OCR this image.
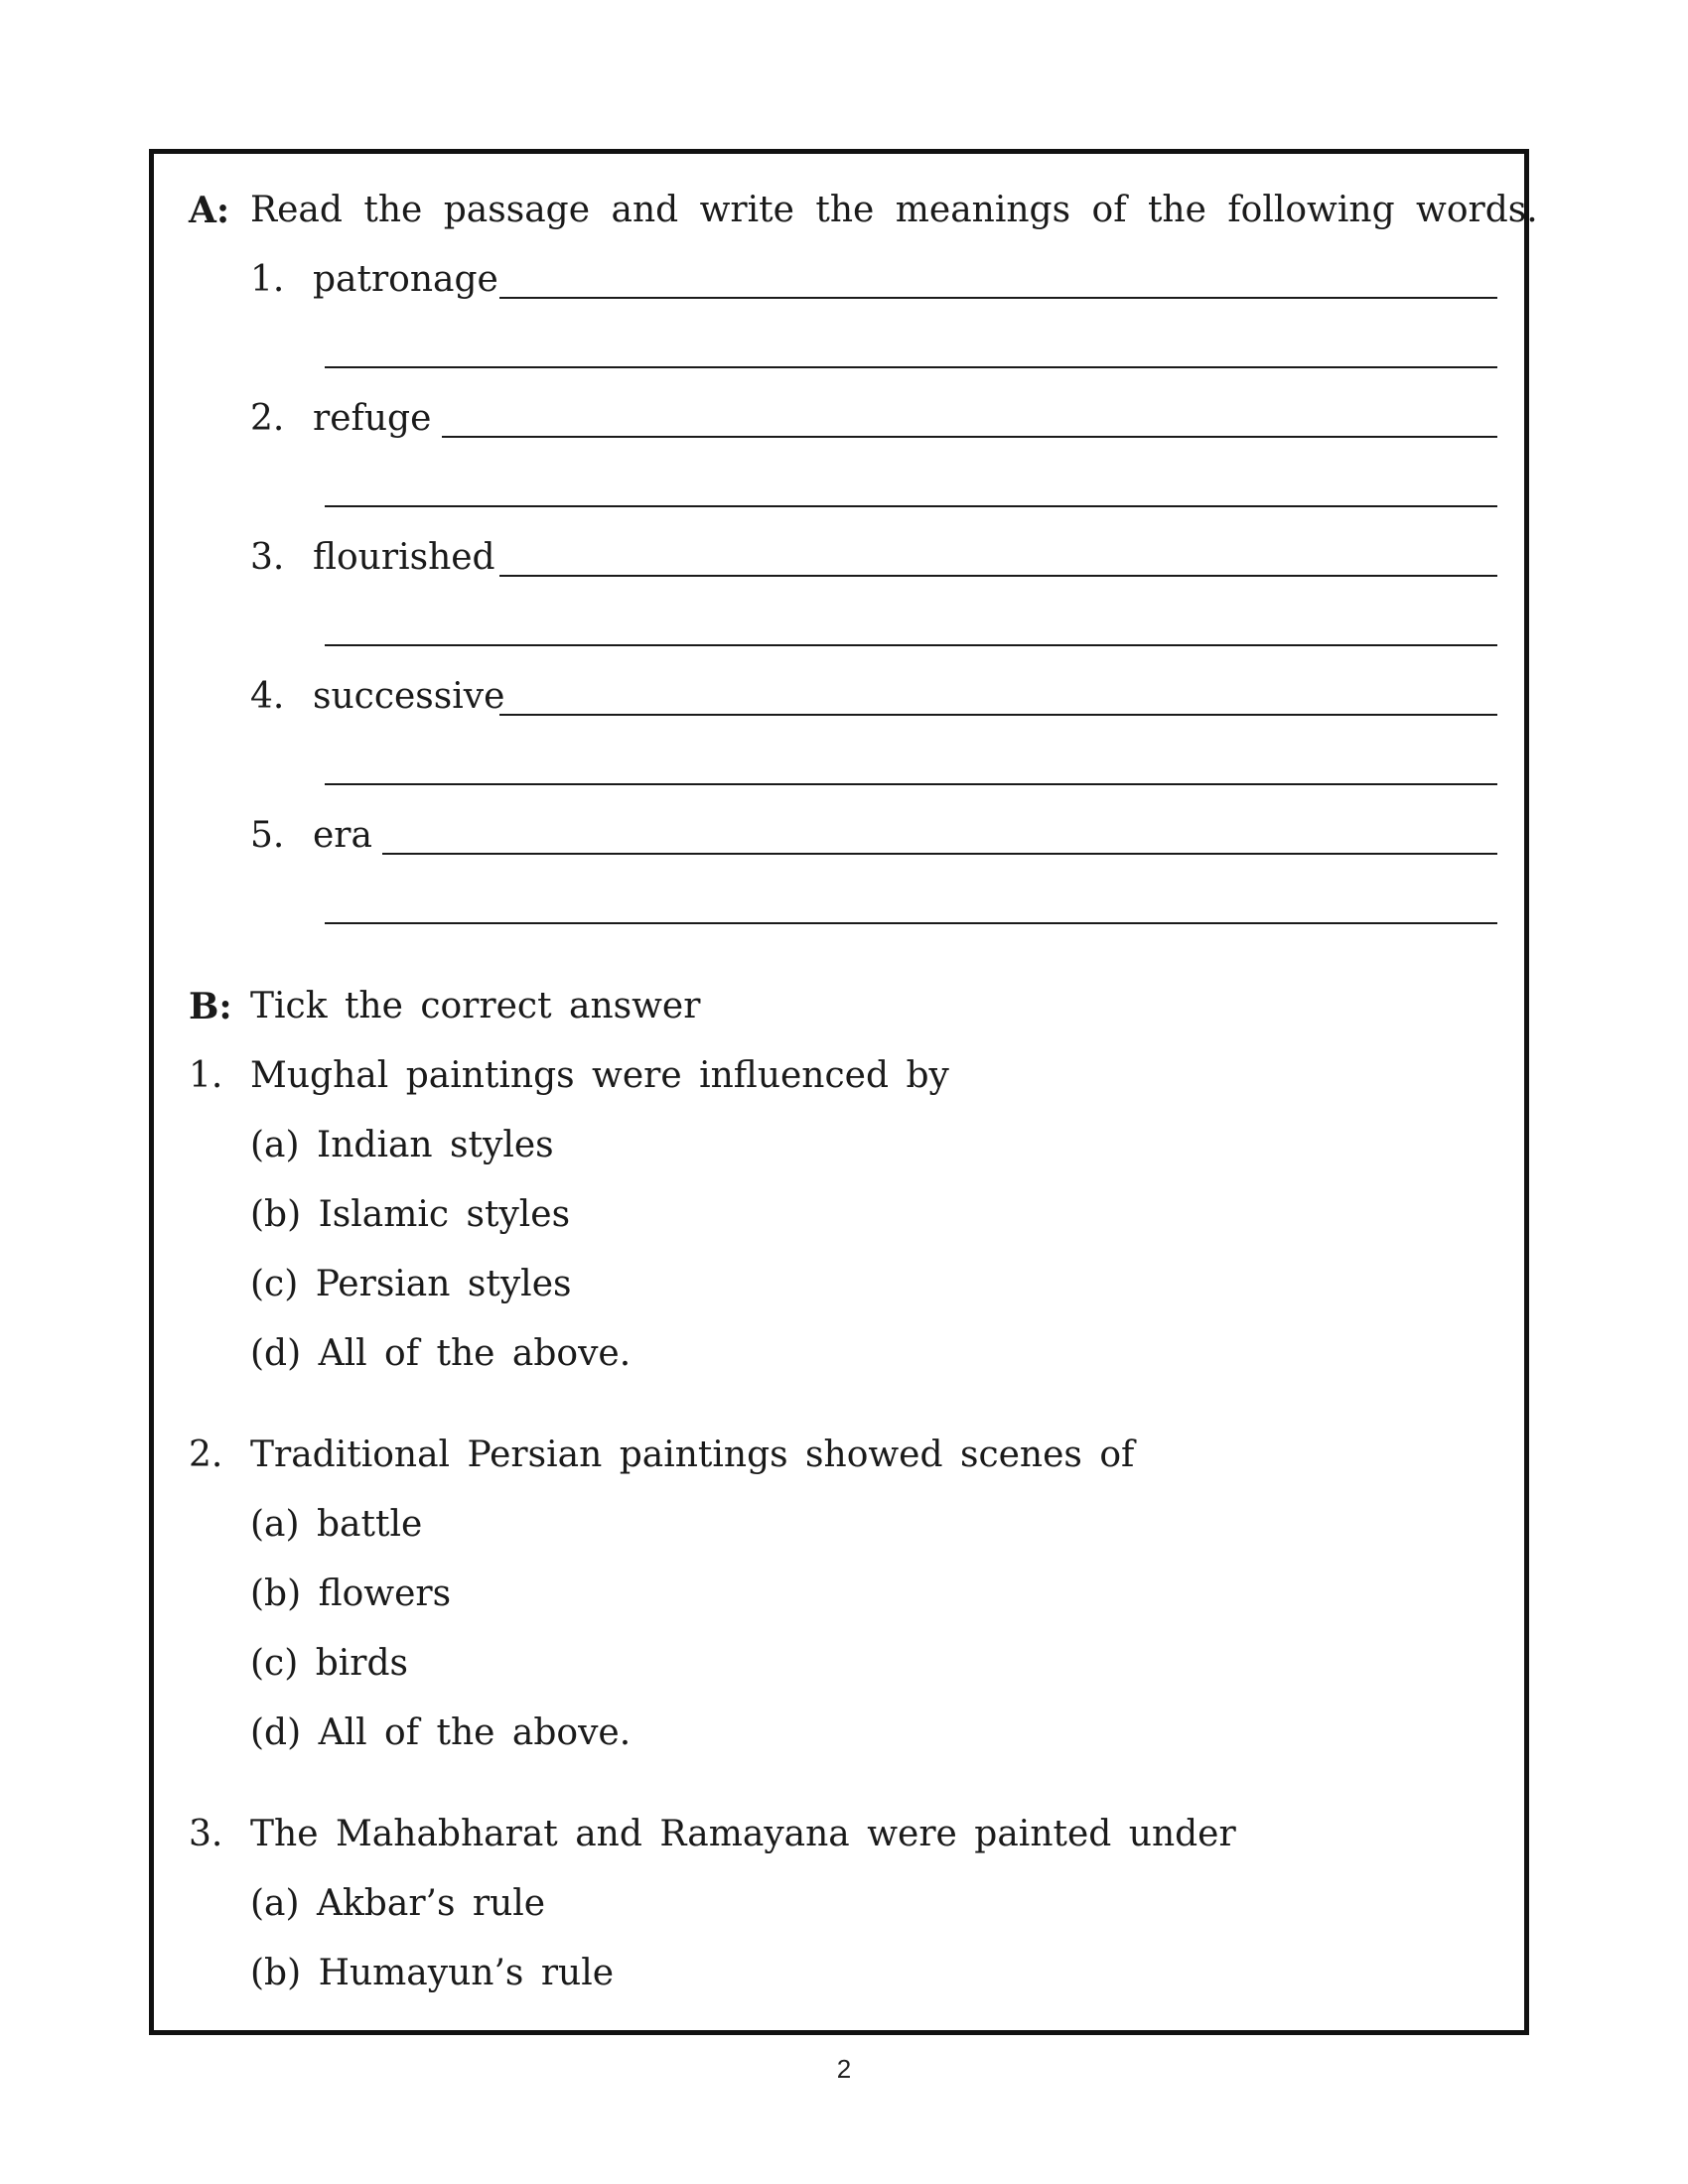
A: Read the passage and write the meanings of the following words.
1. patronage
2. refuge
3. flourished
4. successive
5. era
B: Tick the correct answer
1. Mughal paintings were influenced by
(a) Indian styles
(b) Islamic styles
(c) Persian styles
(d) All of the above.
2. Traditional Persian paintings showed scenes of
(a) battle
(b) flowers
(c) birds
(d) All of the above.
3. The Mahabharat and Ramayana were painted under
(a) Akbar’s rule
(b) Humayun’s rule
2
